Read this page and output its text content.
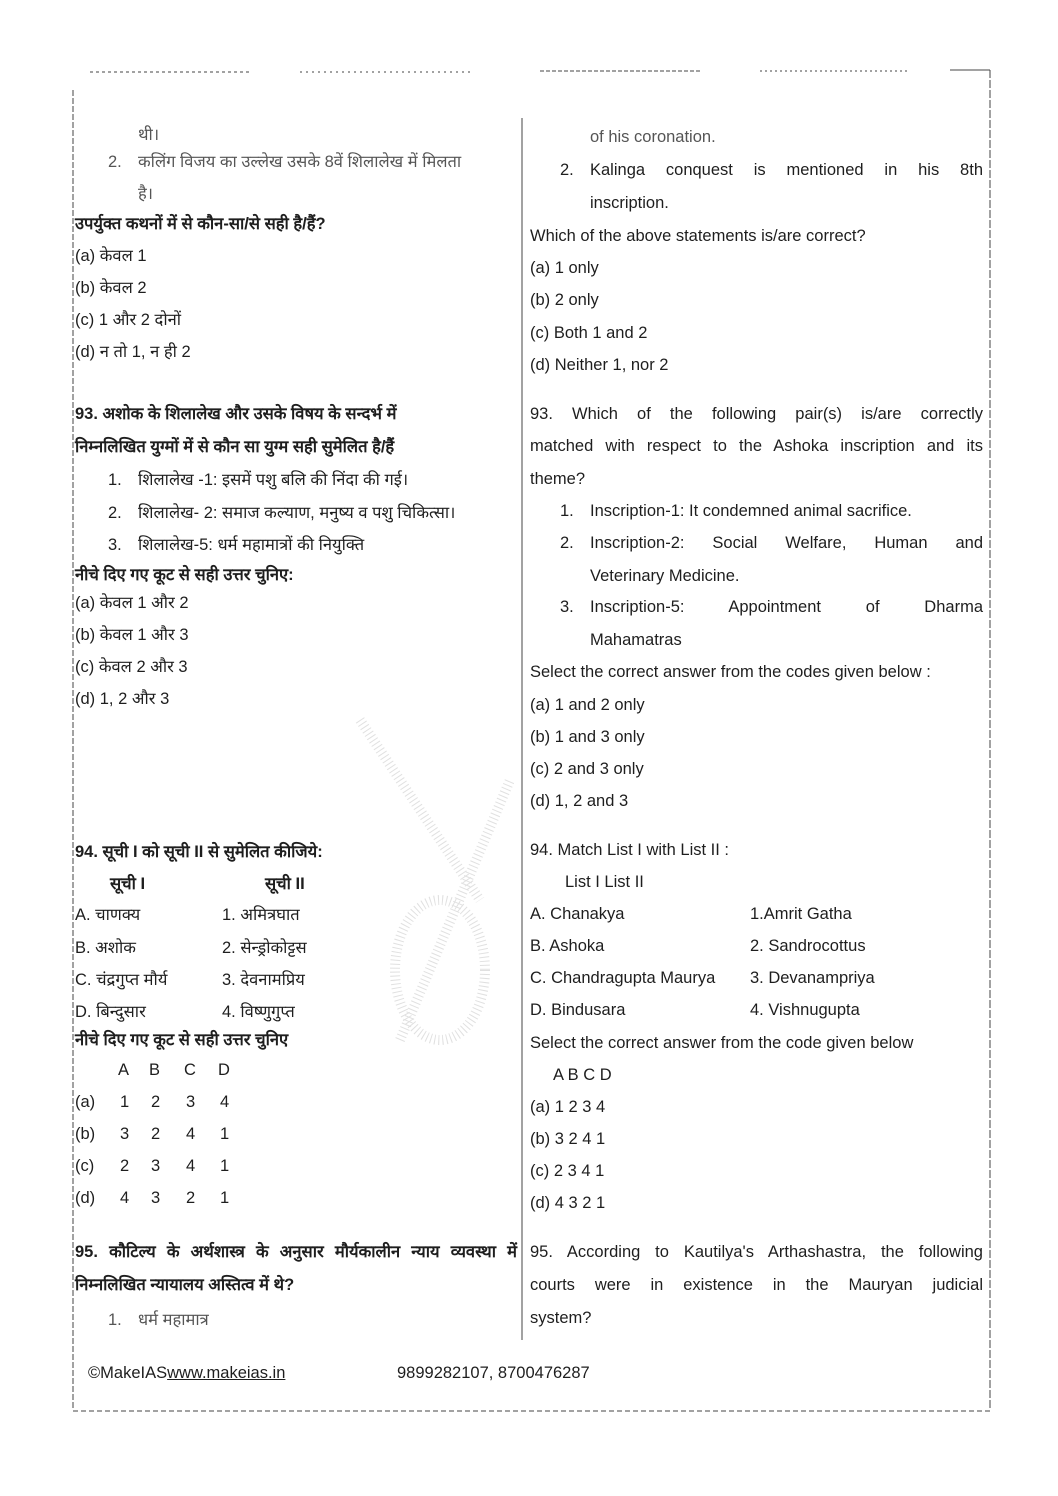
थी।
2. कलिंग विजय का उल्लेख उसके 8वें शिलालेख में मिलता
है।
उपर्युक्त कथनों में से कौन-सा/से सही है/हैं?
(a) केवल 1
(b) केवल 2
(c) 1 और 2 दोनों
(d) न तो 1, न ही 2
93. अशोक के शिलालेख और उसके विषय के सन्दर्भ में
निम्नलिखित युग्मों में से कौन सा युग्म सही सुमेलित है/हैं
1. शिलालेख -1: इसमें पशु बलि की निंदा की गई।
2. शिलालेख- 2: समाज कल्याण, मनुष्य व पशु चिकित्सा।
3. शिलालेख-5: धर्म महामात्रों की नियुक्ति
नीचे दिए गए कूट से सही उत्तर चुनिए:
(a) केवल 1 और 2
(b) केवल 1 और 3
(c) केवल 2 और 3
(d) 1, 2 और 3
94. सूची I को सूची II से सुमेलित कीजिये:
सूची I	सूची II
A. चाणक्य	1. अमित्रघात
B. अशोक	2. सेन्ड्रोकोट्टस
C. चंद्रगुप्त मौर्य	3. देवनामप्रिय
D. बिन्दुसार	4. विष्णुगुप्त
नीचे दिए गए कूट से सही उत्तर चुनिए
A B C D
(a) 1 2 3 4
(b) 3 2 4 1
(c) 2 3 4 1
(d) 4 3 2 1
95. कौटिल्य के अर्थशास्त्र के अनुसार मौर्यकालीन न्याय व्यवस्था में
निम्नलिखित न्यायालय अस्तित्व में थे?
1. धर्म महामात्र
of his coronation.
2. Kalinga conquest is mentioned in his 8th
inscription.
Which of the above statements is/are correct?
(a) 1 only
(b) 2 only
(c) Both 1 and 2
(d) Neither 1, nor 2
93. Which of the following pair(s) is/are correctly
matched with respect to the Ashoka inscription and its
theme?
1. Inscription-1: It condemned animal sacrifice.
2. Inscription-2: Social Welfare, Human and
Veterinary Medicine.
3. Inscription-5: Appointment of Dharma
Mahamatras
Select the correct answer from the codes given below :
(a) 1 and 2 only
(b) 1 and 3 only
(c) 2 and 3 only
(d) 1, 2 and 3
94. Match List I with List II :
List I List II
A. Chanakya	1.Amrit Gatha
B. Ashoka	2. Sandrocottus
C. Chandragupta Maurya 3. Devanampriya
D. Bindusara	4. Vishnugupta
Select the correct answer from the code given below
A B C D
(a) 1 2 3 4
(b) 3 2 4 1
(c) 2 3 4 1
(d) 4 3 2 1
95. According to Kautilya's Arthashastra, the following
courts were in existence in the Mauryan judicial
system?
©MakeIASwww.makeias.in	9899282107, 8700476287
